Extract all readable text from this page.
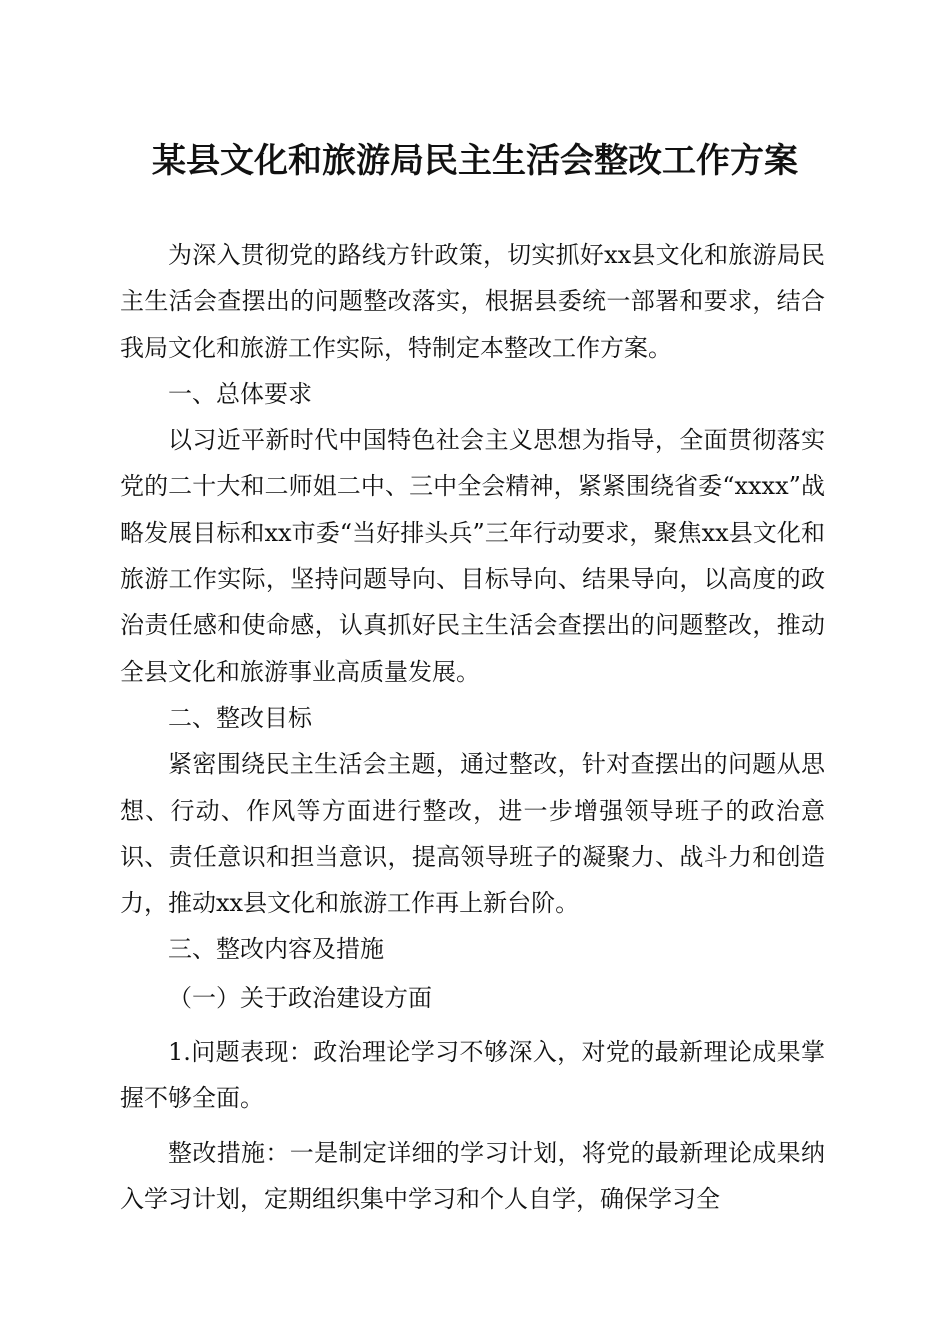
某县文化和旅游局民主生活会整改工作方案

为深入贯彻党的路线方针政策，切实抓好xx县文化和旅游局民主生活会查摆出的问题整改落实，根据县委统一部署和要求，结合我局文化和旅游工作实际，特制定本整改工作方案。

一、总体要求

以习近平新时代中国特色社会主义思想为指导，全面贯彻落实党的二十大和二师姐二中、三中全会精神，紧紧围绕省委“xxxx”战略发展目标和xx市委“当好排头兵”三年行动要求，聚焦xx县文化和旅游工作实际，坚持问题导向、目标导向、结果导向，以高度的政治责任感和使命感，认真抓好民主生活会查摆出的问题整改，推动全县文化和旅游事业高质量发展。

二、整改目标

紧密围绕民主生活会主题，通过整改，针对查摆出的问题从思想、行动、作风等方面进行整改，进一步增强领导班子的政治意识、责任意识和担当意识，提高领导班子的凝聚力、战斗力和创造力，推动xx县文化和旅游工作再上新台阶。

三、整改内容及措施

（一）关于政治建设方面

1.问题表现：政治理论学习不够深入，对党的最新理论成果掌握不够全面。

整改措施：一是制定详细的学习计划，将党的最新理论成果纳入学习计划，定期组织集中学习和个人自学，确保学习全
